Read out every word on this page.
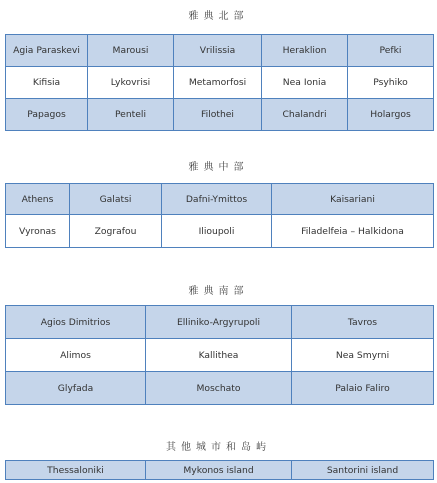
雅典北部
Agia Paraskevi	Marousi	Vrilissia	Heraklion	Pefki
Kifisia	Lykovrisi	Metamorfosi	Nea Ionia	Psyhiko
Papagos	Penteli	Filothei	Chalandri	Holargos
雅典中部
Athens	Galatsi	Dafni-Ymittos	Kaisariani
Vyronas	Zografou	Ilioupoli	Filadelfeia – Halkidona
雅典南部
Agios Dimitrios	Elliniko-Argyrupoli	Tavros
Alimos	Kallithea	Nea Smyrni
Glyfada	Moschato	Palaio Faliro
其他城市和岛屿
Thessaloniki	Mykonos island	Santorini island
